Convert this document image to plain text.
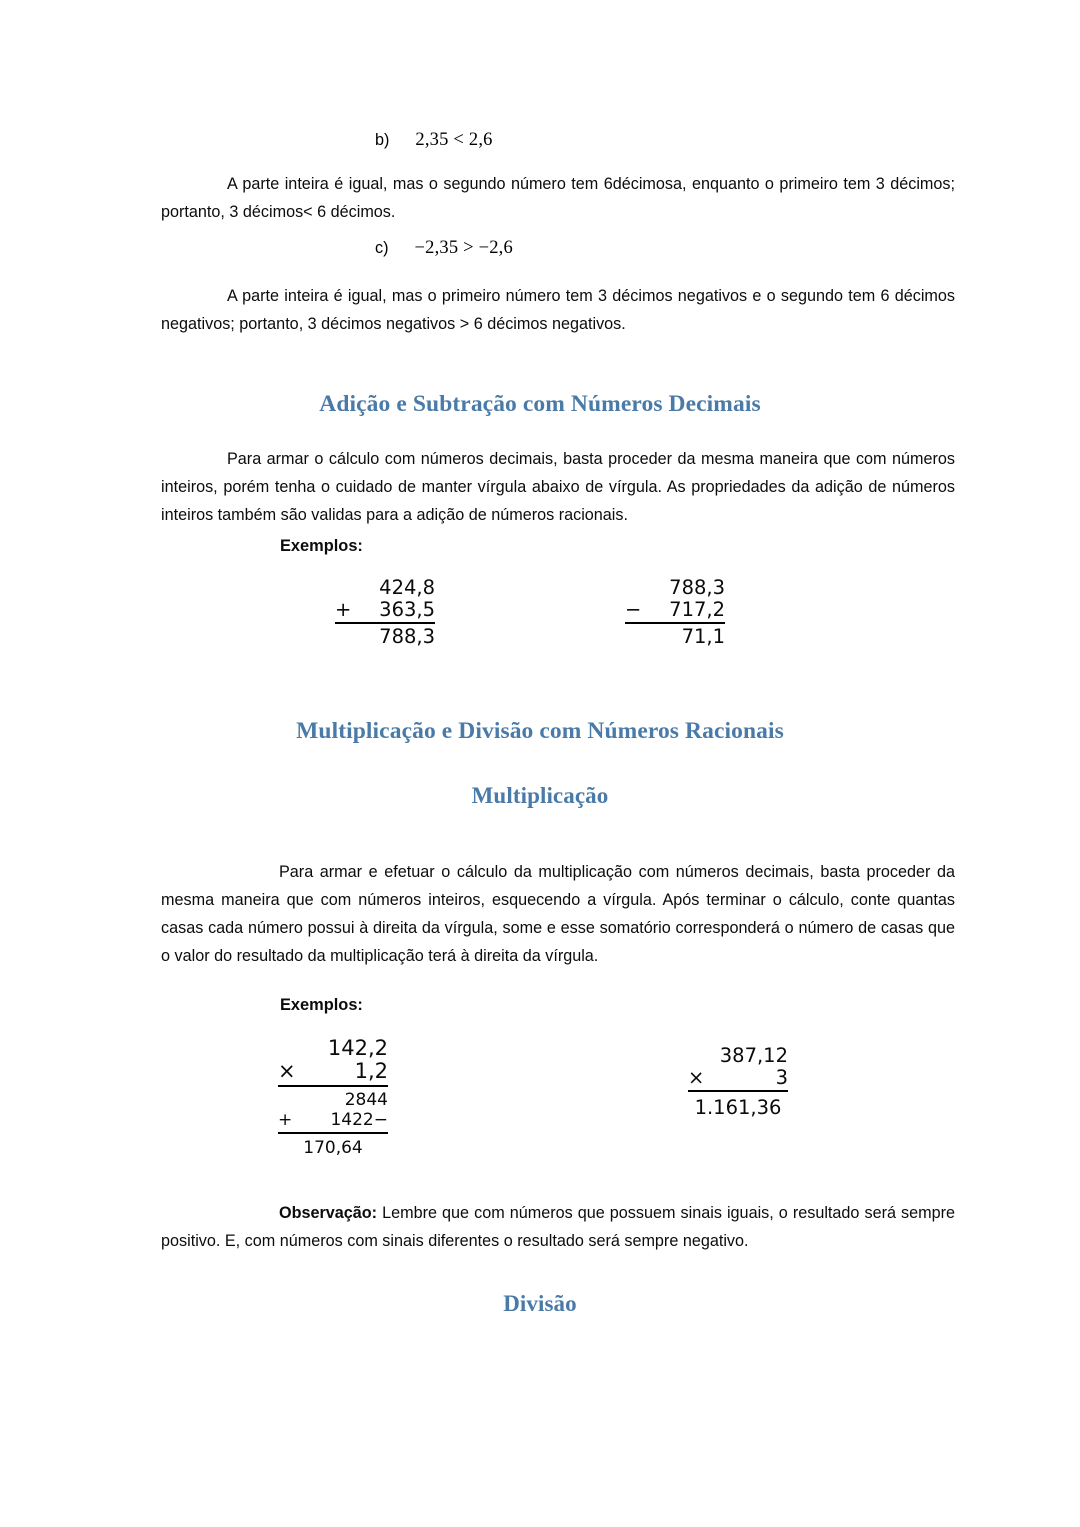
b) 2,35 < 2,6
A parte inteira é igual, mas o segundo número tem 6décimosa, enquanto o primeiro tem 3 décimos; portanto, 3 décimos< 6 décimos.
c) −2,35 > −2,6
A parte inteira é igual, mas o primeiro número tem 3 décimos negativos e o segundo tem 6 décimos negativos; portanto, 3 décimos negativos > 6 décimos negativos.
Adição e Subtração com Números Decimais
Para armar o cálculo com números decimais, basta proceder da mesma maneira que com números inteiros, porém tenha o cuidado de manter vírgula abaixo de vírgula. As propriedades da adição de números inteiros também são validas para a adição de números racionais.
Exemplos:
424,8
+	363,5
788,3
788,3
−	717,2
71,1
Multiplicação e Divisão com Números Racionais
Multiplicação
Para armar e efetuar o cálculo da multiplicação com números decimais, basta proceder da mesma maneira que com números inteiros, esquecendo a vírgula. Após terminar o cálculo, conte quantas casas cada número possui à direita da vírgula, some e esse somatório corresponderá o número de casas que o valor do resultado da multiplicação terá à direita da vírgula.
Exemplos:
142,2
×	1,2
2844
+	1422−
170,64
387,12
×	3
1.161,36
Observação: Lembre que com números que possuem sinais iguais, o resultado será sempre positivo. E, com números com sinais diferentes o resultado será sempre negativo.
Divisão
